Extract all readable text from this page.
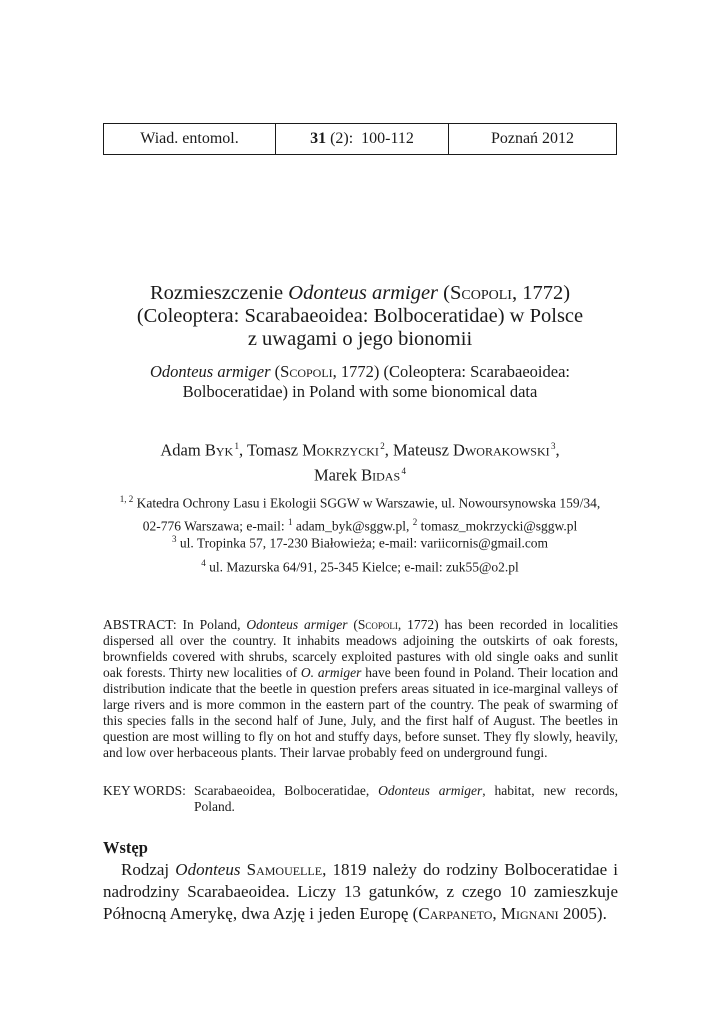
Wiad. entomol.	31 (2):  100-112	Poznań 2012
Rozmieszczenie Odonteus armiger (Scopoli, 1772)
(Coleoptera: Scarabaeoidea: Bolboceratidae) w Polsce
z uwagami o jego bionomii
Odonteus armiger (Scopoli, 1772) (Coleoptera: Scarabaeoidea:
Bolboceratidae) in Poland with some bionomical data
Adam Byk $^1$, Tomasz Mokrzycki $^2$, Mateusz Dworakowski $^3$,
Marek Bidas $^4$
$^{1, 2}$ Katedra Ochrony Lasu i Ekologii SGGW w Warszawie, ul. Nowoursynowska 159/34,
02-776 Warszawa; e-mail: $^1$ adam_byk@sggw.pl, $^2$ tomasz_mokrzycki@sggw.pl
$^3$ ul. Tropinka 57, 17-230 Białowieża; e-mail: variicornis@gmail.com
$^4$ ul. Mazurska 64/91, 25-345 Kielce; e-mail: zuk55@o2.pl

ABSTRACT: In Poland, Odonteus armiger (Scopoli, 1772) has been recorded in localities dispersed all over the country. It inhabits meadows adjoining the outskirts of oak forests, brownfields covered with shrubs, scarcely exploited pastures with old single oaks and sunlit oak forests. Thirty new localities of O. armiger have been found in Poland. Their location and distribution indicate that the beetle in question prefers areas situated in ice-marginal valleys of large rivers and is more common in the eastern part of the country. The peak of swarming of this species falls in the second half of June, July, and the first half of August. The beetles in question are most willing to fly on hot and stuffy days, before sunset. They fly slowly, heavily, and low over herbaceous plants. Their larvae probably feed on underground fungi.

KEY WORDS: Scarabaeoidea, Bolboceratidae, Odonteus armiger, habitat, new records, Poland.
Wstęp

Rodzaj Odonteus Samouelle, 1819 należy do rodziny Bolboceratidae i nadrodziny Scarabaeoidea. Liczy 13 gatunków, z czego 10 zamieszkuje Północną Amerykę, dwa Azję i jeden Europę (Carpaneto, Mignani 2005).
